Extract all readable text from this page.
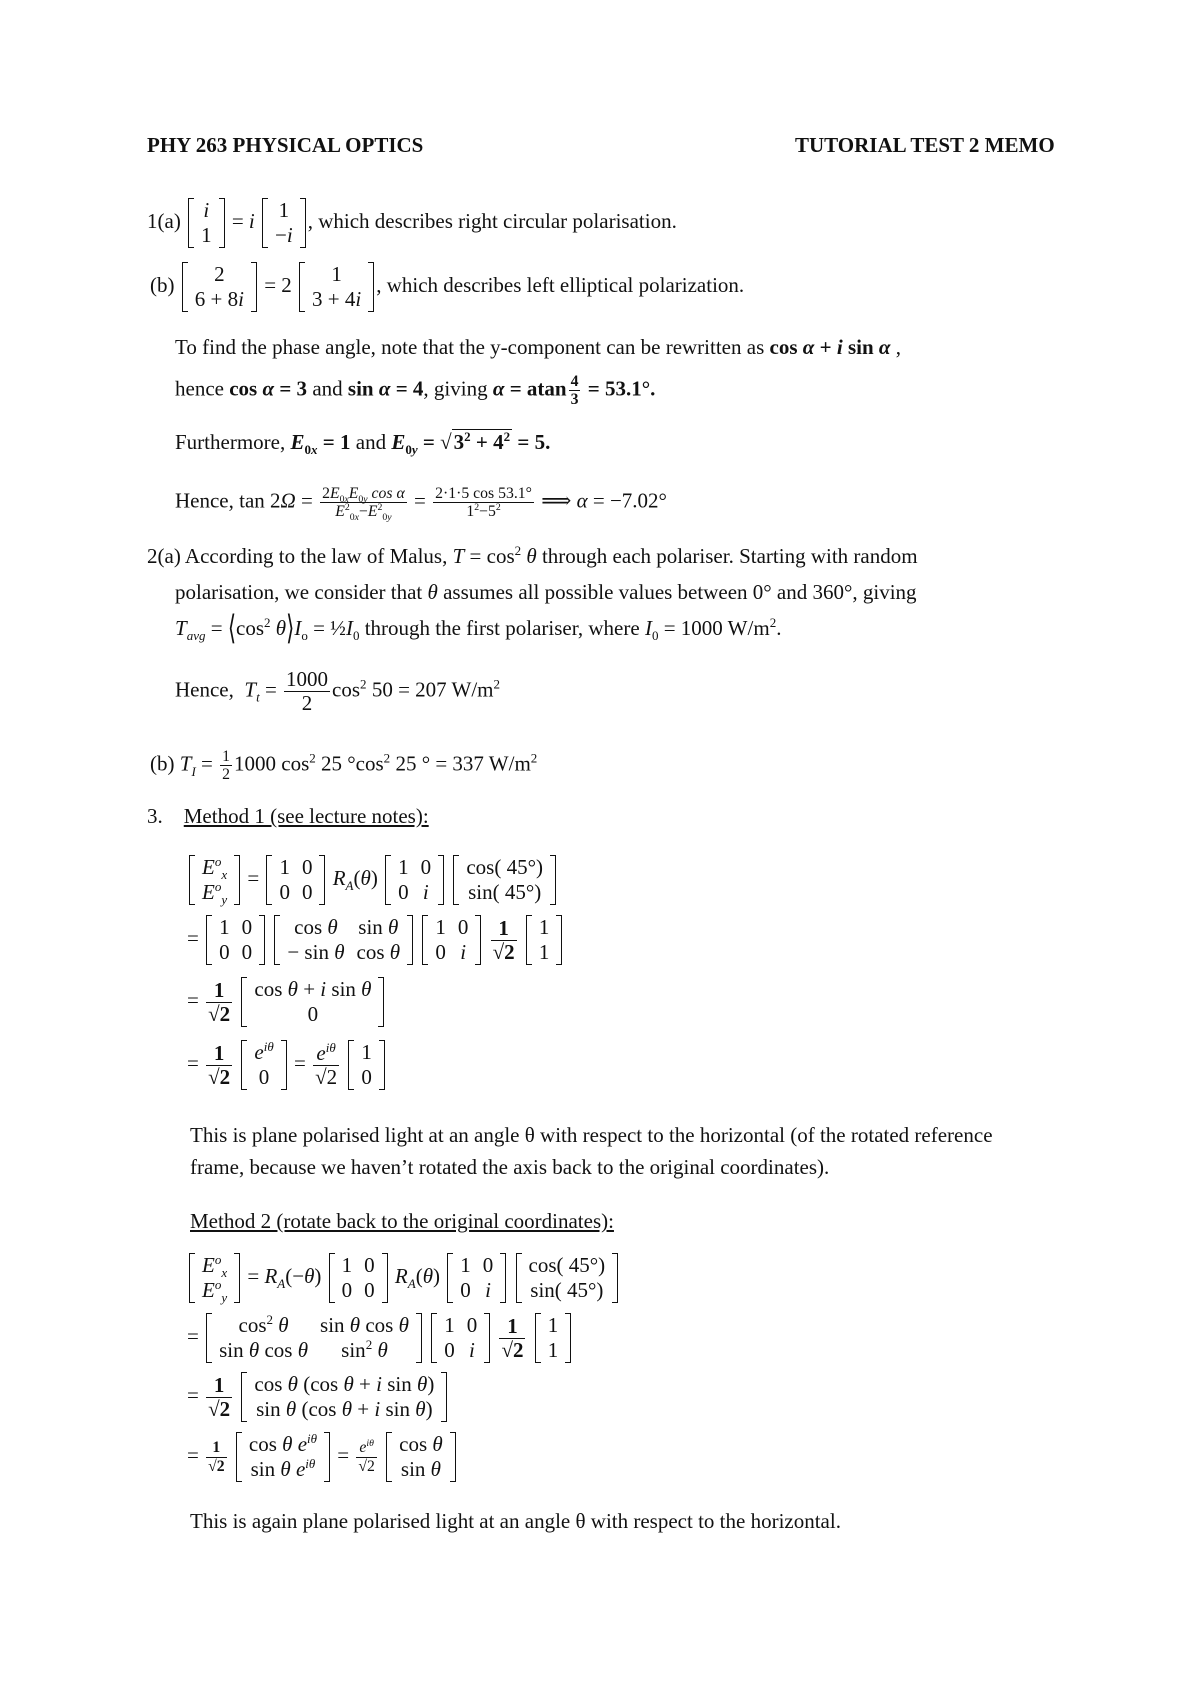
PHY 263 PHYSICAL OPTICS	TUTORIAL TEST 2 MEMO
1(a) i
1
= i 1
−i
, which describes right circular polarisation.
(b) 2
6 + 8i
= 2 1
3 + 4i
, which describes left elliptical polarization.
To find the phase angle, note that the y-component can be rewritten as cos α + i sin α ,
hence cos α = 3 and sin α = 4, giving α = atan $\frac{4}{3} = 53.1^\circ$.
Furthermore, $E_{0x} = 1$ and $E_{0y} = √3^2 + 4^2 = 5$.
Hence, $\tan 2\Omega = \frac{2E_{0x}E_{0y} \cos \alpha}{E^2_{0x}-E^2_{0y}} = \frac{2\cdot 1\cdot 5 \cos 53.1^\circ}{1^2-5^2}$ ⟹ α = −7.02°
2(a) According to the law of Malus, $T = \cos^2 \theta$ through each polariser. Starting with random
polarisation, we consider that θ assumes all possible values between 0° and 360°, giving
$T_{avg}$ = $⟨\cos^2$ $\theta⟩I_o$ = $\frac{1}{2}I_0$ through the first polariser, where $I_0 = 1000$ $W/m^2$.
Hence, $T_t = \frac{1000}{2} \cos^2 50 = 207$ $W/m^2$
(b) $T_I = \frac{1}{2} 1000$ $\cos^2 25$ $^\circ\cos^2$ 25 ° = 337 $W/m^2$
3. Method 1 (see lecture notes):
$E^o_x$
$E^o_y$
= 1	0
0	0
$R_A(\theta)$ 1	0
0	i

cos( 45°)
sin( 45°)
= 1	0
0	0

cos θ	sin θ
− sin θ	cos θ

1	0
0	i
$\frac{1}{√2}$
1
1
= $\frac{1}{√2}$
cos θ + i sin θ
0
= $\frac{1}{√2}$
$e^{i\theta}$
0
= $\frac{e^{i\theta}}{√2}$
1
0
This is plane polarised light at an angle θ with respect to the horizontal (of the rotated reference
frame, because we haven’t rotated the axis back to the original coordinates).
Method 2 (rotate back to the original coordinates):
$E^o_x$
$E^o_y$
= $R_A(-\theta)$ 1	0
0	0
$R_A(\theta)$ 1	0
0	i

cos( 45°)
sin( 45°)
= $\cos^2 \theta$	sin θ cos θ
sin θ cos θ	$\sin^2 \theta$

1	0
0	i
$\frac{1}{√2}$
1
1
= $\frac{1}{√2}$
cos θ (cos θ + i sin θ)
sin θ (cos θ + i sin θ)
= $\frac{1}{√2}$
cos θ $e^{i\theta}$
sin θ $e^{i\theta} = \frac{e^{i\theta}}{√2}$
cos θ
sin θ
This is again plane polarised light at an angle θ with respect to the horizontal.
